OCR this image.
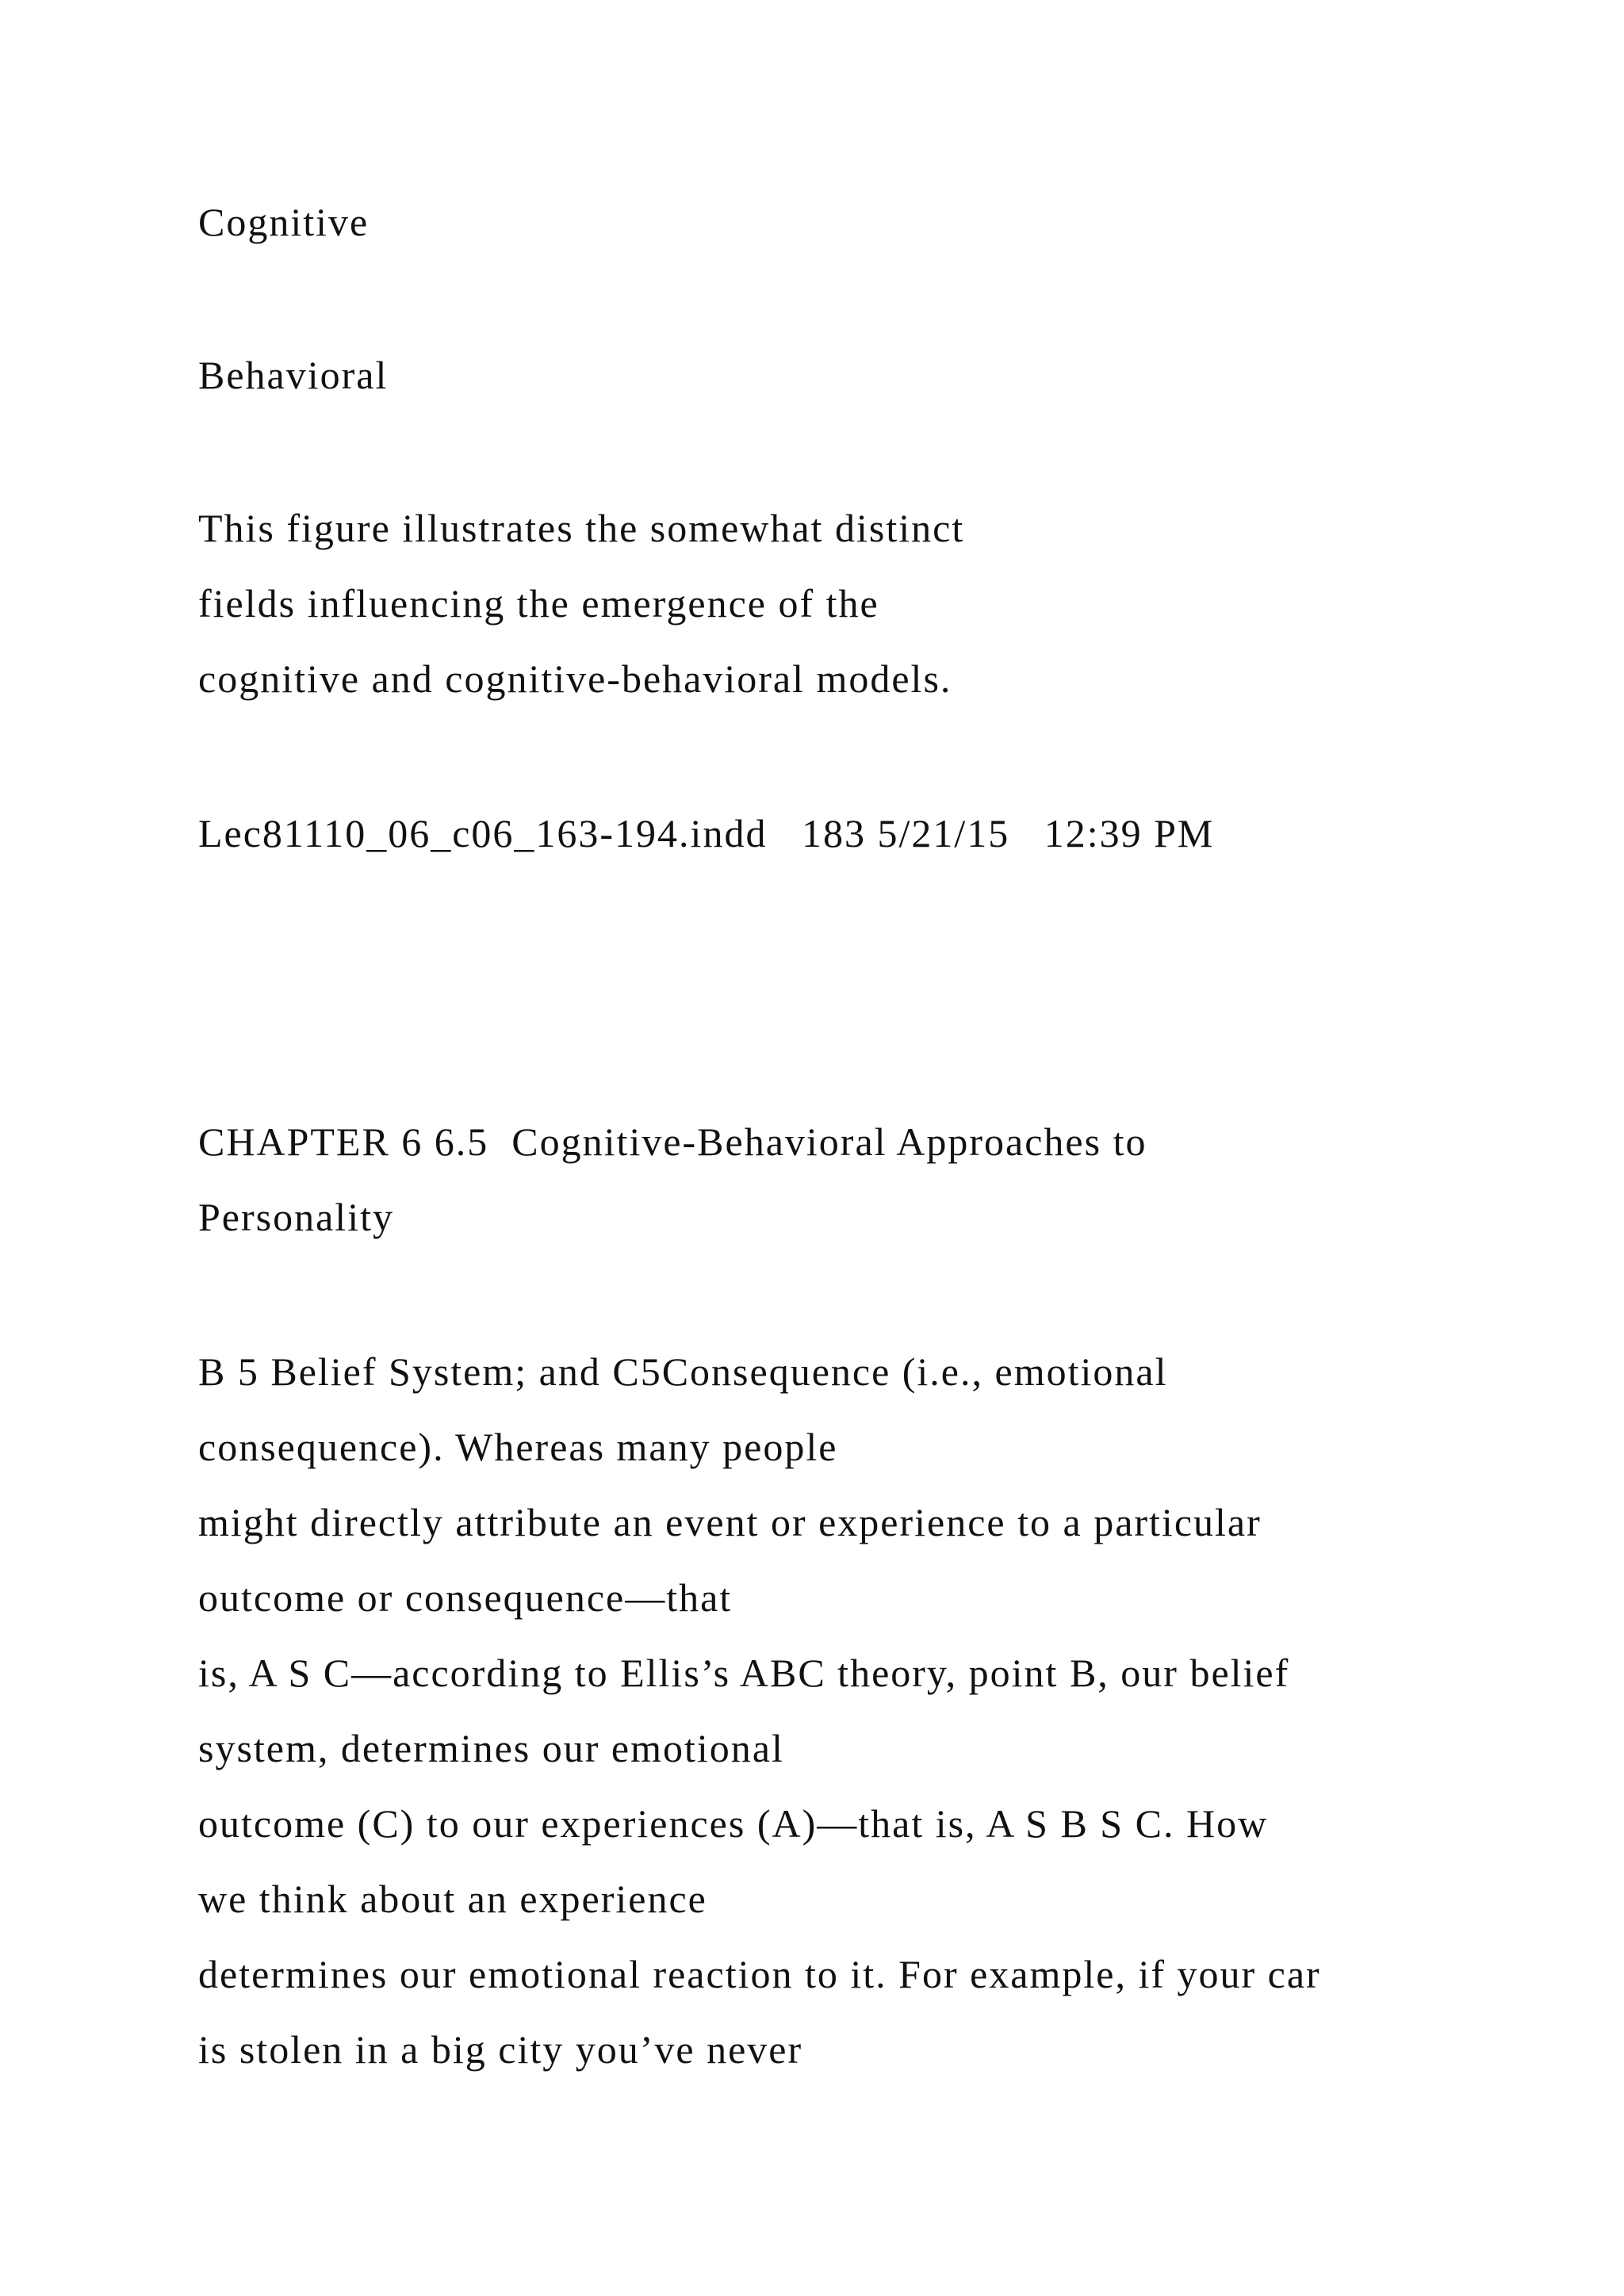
Cognitive

Behavioral

This figure illustrates the somewhat distinct

fields influencing the emergence of the

cognitive and cognitive-behavioral models.

Lec81110_06_c06_163-194.indd   183 5/21/15   12:39 PM

CHAPTER 6 6.5  Cognitive-Behavioral Approaches to

Personality

B 5 Belief System; and C5Consequence (i.e., emotional

consequence). Whereas many people

might directly attribute an event or experience to a particular

outcome or consequence—that

is, A S C—according to Ellis’s ABC theory, point B, our belief

system, determines our emotional

outcome (C) to our experiences (A)—that is, A S B S C. How

we think about an experience

determines our emotional reaction to it. For example, if your car

is stolen in a big city you’ve never
